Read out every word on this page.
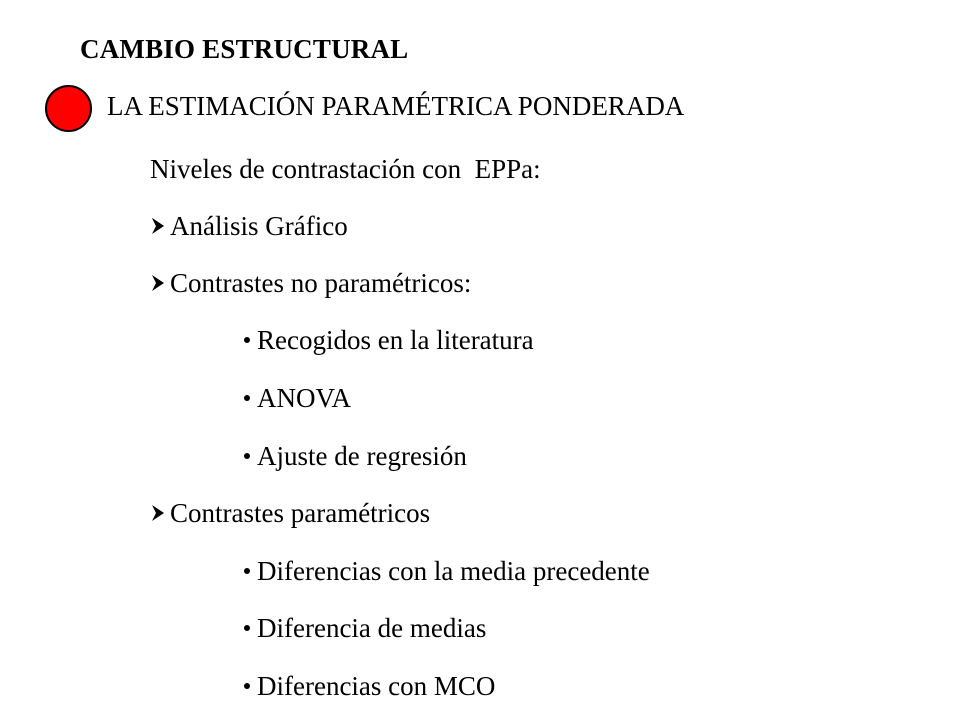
CAMBIO ESTRUCTURAL
LA ESTIMACIÓN PARAMÉTRICA PONDERADA
Niveles de contrastación con  EPPa:
Análisis Gráfico
Contrastes no paramétricos:
Recogidos en la literatura
ANOVA
Ajuste de regresión
Contrastes paramétricos
Diferencias con la media precedente
Diferencia de medias
Diferencias con MCO
